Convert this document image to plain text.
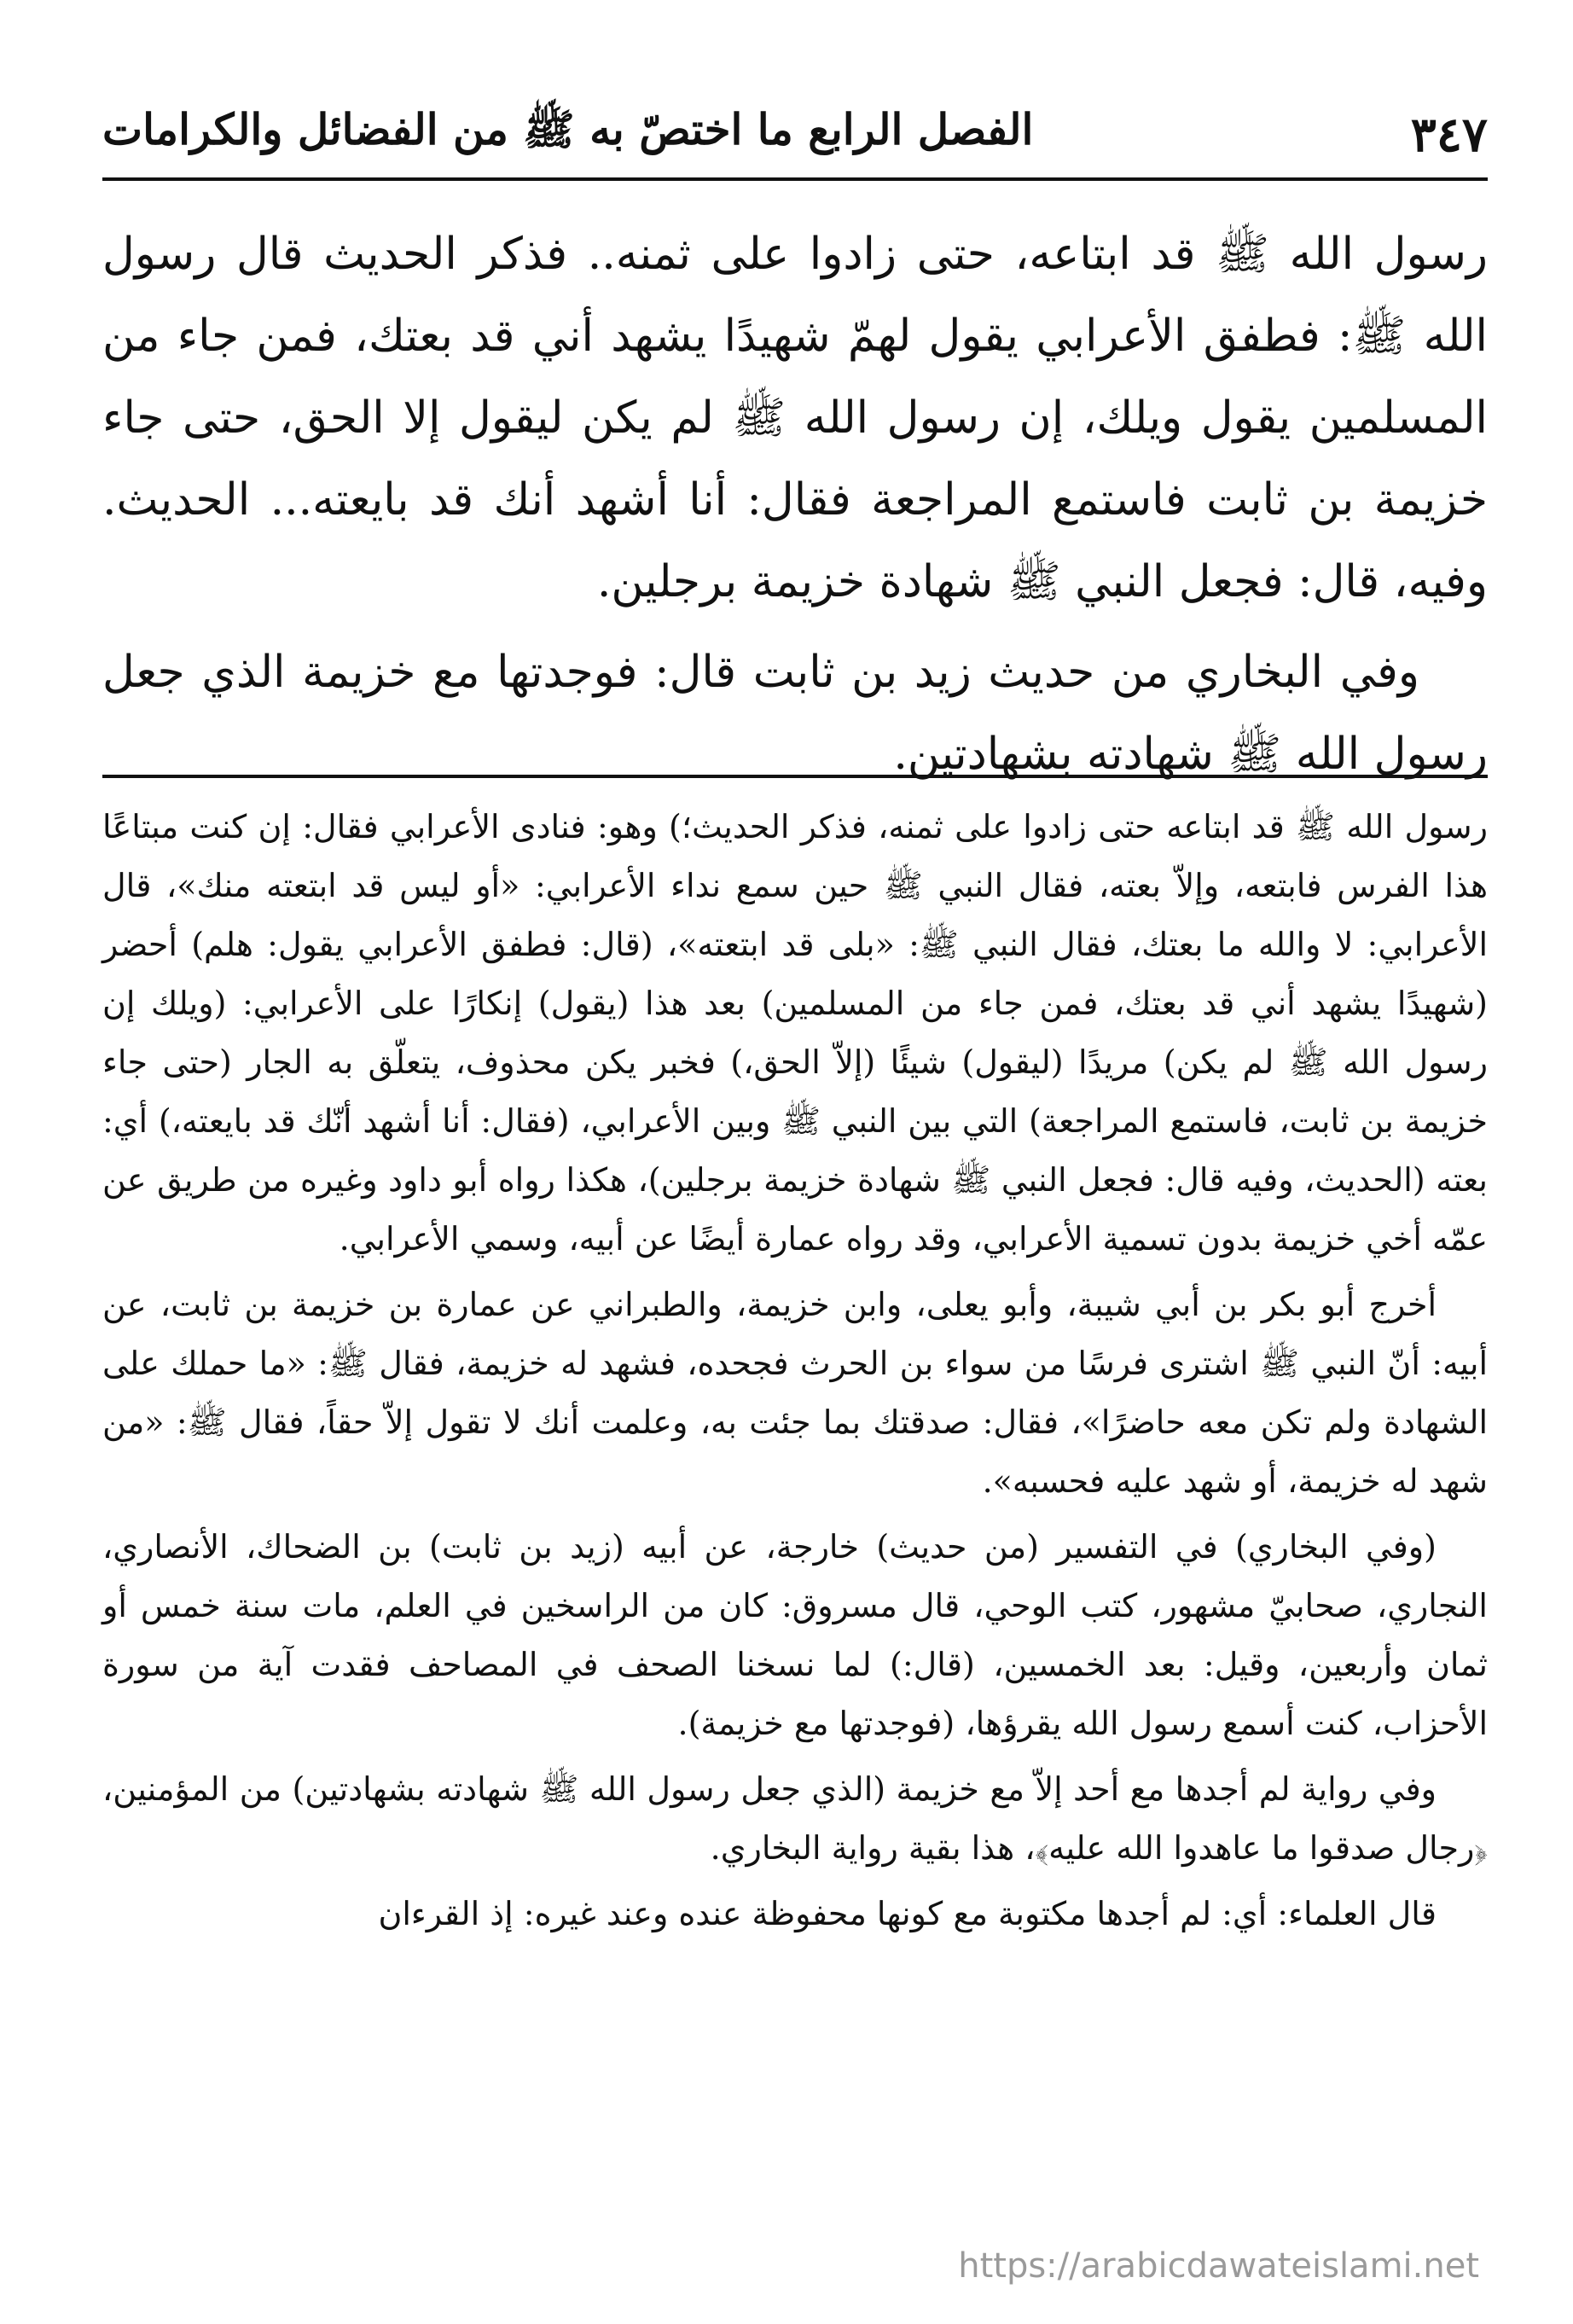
الفصل الرابع ما اختصّ به ﷺ من الفضائل والكرامات	٣٤٧

رسول الله ﷺ قد ابتاعه، حتى زادوا على ثمنه.. فذكر الحديث قال رسول الله ﷺ: فطفق الأعرابي يقول لهمّ شهيدًا يشهد أني قد بعتك، فمن جاء من المسلمين يقول ويلك، إن رسول الله ﷺ لم يكن ليقول إلا الحق، حتى جاء خزيمة بن ثابت فاستمع المراجعة فقال: أنا أشهد أنك قد بايعته... الحديث. وفيه، قال: فجعل النبي ﷺ شهادة خزيمة برجلين.

وفي البخاري من حديث زيد بن ثابت قال: فوجدتها مع خزيمة الذي جعل رسول الله ﷺ شهادته بشهادتين.

رسول الله ﷺ قد ابتاعه حتى زادوا على ثمنه، فذكر الحديث؛) وهو: فنادى الأعرابي فقال: إن كنت مبتاعًا هذا الفرس فابتعه، وإلاّ بعته، فقال النبي ﷺ حين سمع نداء الأعرابي: «أو ليس قد ابتعته منك»، قال الأعرابي: لا والله ما بعتك، فقال النبي ﷺ: «بلى قد ابتعته»، (قال: فطفق الأعرابي يقول: هلم) أحضر (شهيدًا يشهد أني قد بعتك، فمن جاء من المسلمين) بعد هذا (يقول) إنكارًا على الأعرابي: (ويلك إن رسول الله ﷺ لم يكن) مريدًا (ليقول) شيئًا (إلاّ الحق،) فخبر يكن محذوف، يتعلّق به الجار (حتى جاء خزيمة بن ثابت، فاستمع المراجعة) التي بين النبي ﷺ وبين الأعرابي، (فقال: أنا أشهد أنّك قد بايعته،) أي: بعته (الحديث، وفيه قال: فجعل النبي ﷺ شهادة خزيمة برجلين)، هكذا رواه أبو داود وغيره من طريق عن عمّه أخي خزيمة بدون تسمية الأعرابي، وقد رواه عمارة أيضًا عن أبيه، وسمي الأعرابي.

أخرج أبو بكر بن أبي شيبة، وأبو يعلى، وابن خزيمة، والطبراني عن عمارة بن خزيمة بن ثابت، عن أبيه: أنّ النبي ﷺ اشترى فرسًا من سواء بن الحرث فجحده، فشهد له خزيمة، فقال ﷺ: «ما حملك على الشهادة ولم تكن معه حاضرًا»، فقال: صدقتك بما جئت به، وعلمت أنك لا تقول إلاّ حقاً، فقال ﷺ: «من شهد له خزيمة، أو شهد عليه فحسبه».

(وفي البخاري) في التفسير (من حديث) خارجة، عن أبيه (زيد بن ثابت) بن الضحاك، الأنصاري، النجاري، صحابيّ مشهور، كتب الوحي، قال مسروق: كان من الراسخين في العلم، مات سنة خمس أو ثمان وأربعين، وقيل: بعد الخمسين، (قال:) لما نسخنا الصحف في المصاحف فقدت آية من سورة الأحزاب، كنت أسمع رسول الله يقرؤها، (فوجدتها مع خزيمة).

وفي رواية لم أجدها مع أحد إلاّ مع خزيمة (الذي جعل رسول الله ﷺ شهادته بشهادتين) من المؤمنين، ﴿رجال صدقوا ما عاهدوا الله عليه﴾، هذا بقية رواية البخاري.

قال العلماء: أي: لم أجدها مكتوبة مع كونها محفوظة عنده وعند غيره: إذ القرءان

https://arabicdawateislami.net
